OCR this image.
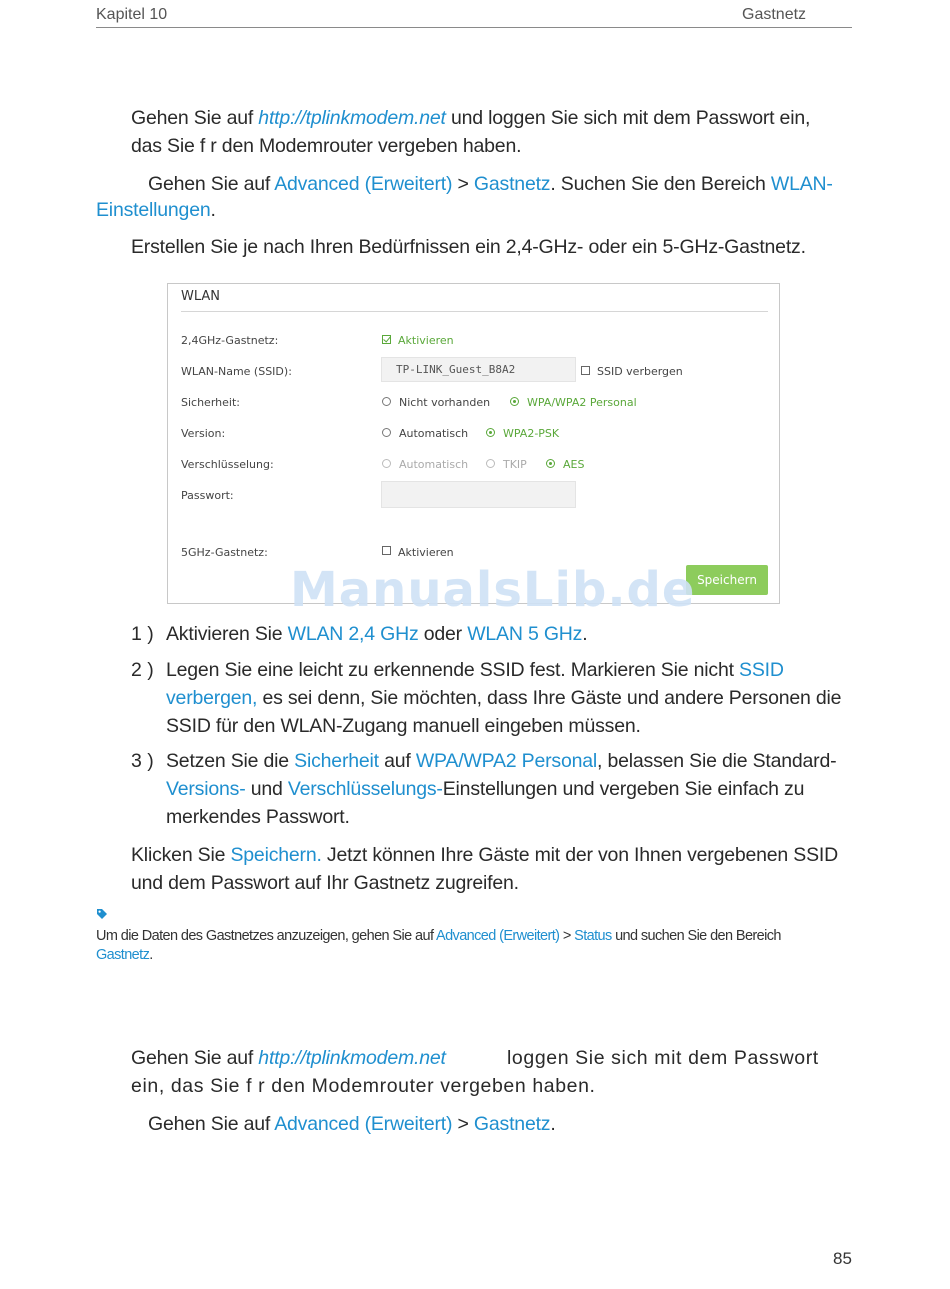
Kapitel 10	Gastnetz
Gehen Sie auf http://tplinkmodem.net und loggen Sie sich mit dem Passwort ein,
das Sie f r den Modemrouter vergeben haben.
Gehen Sie auf Advanced (Erweitert) > Gastnetz. Suchen Sie den Bereich WLAN-
Einstellungen.
Erstellen Sie je nach Ihren Bedürfnissen ein 2,4-GHz- oder ein 5-GHz-Gastnetz.
WLAN
2,4GHz-Gastnetz:	Aktivieren
WLAN-Name (SSID):	TP-LINK_Guest_B8A2	SSID verbergen
Sicherheit:	Nicht vorhanden	WPA/WPA2 Personal
Version:	Automatisch	WPA2-PSK
Verschlüsselung:	Automatisch	TKIP	AES
Passwort:
5GHz-Gastnetz:	Aktivieren
Speichern
ManualsLib.de
1 ) Aktivieren Sie WLAN 2,4 GHz oder WLAN 5 GHz.
2 ) Legen Sie eine leicht zu erkennende SSID fest. Markieren Sie nicht SSID
verbergen, es sei denn, Sie möchten, dass Ihre Gäste und andere Personen die
SSID für den WLAN-Zugang manuell eingeben müssen.
3 ) Setzen Sie die Sicherheit auf WPA/WPA2 Personal, belassen Sie die Standard-
Versions- und Verschlüsselungs-Einstellungen und vergeben Sie einfach zu
merkendes Passwort.
Klicken Sie Speichern. Jetzt können Ihre Gäste mit der von Ihnen vergebenen SSID
und dem Passwort auf Ihr Gastnetz zugreifen.
Um die Daten des Gastnetzes anzuzeigen, gehen Sie auf Advanced (Erweitert) > Status und suchen Sie den Bereich
Gastnetz.
Gehen Sie auf http://tplinkmodem.net	loggen Sie sich mit dem Passwort
ein, das Sie f r den Modemrouter vergeben haben.
Gehen Sie auf Advanced (Erweitert) > Gastnetz.
85
